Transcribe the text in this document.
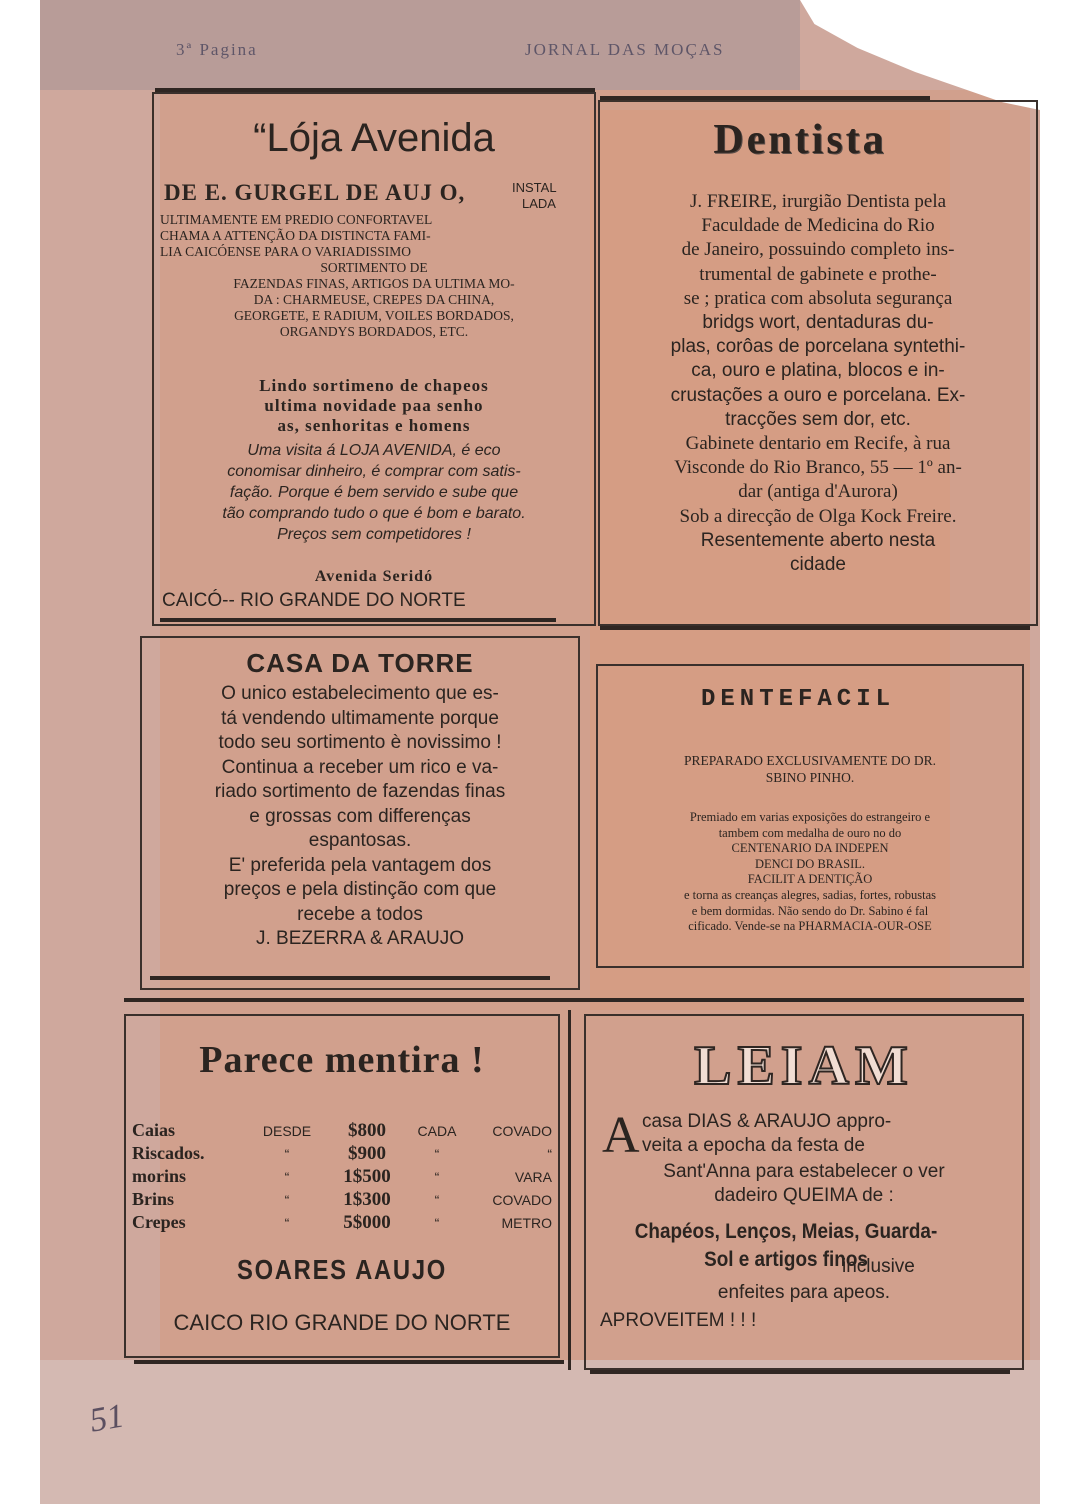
3ª Pagina	JORNAL DAS MOÇAS
“Lója Avenida
DE E. GURGEL DE AUJ O,	INSTAL
LADA
ULTIMAMENTE EM PREDIO CONFORTAVEL
CHAMA A ATTENÇÃO DA DISTINCTA FAMI-
LIA CAICÓENSE PARA O VARIADISSIMO
SORTIMENTO DE
FAZENDAS FINAS, ARTIGOS DA ULTIMA MO-
DA : CHARMEUSE, CREPES DA CHINA,
GEORGETE, E RADIUM, VOILES BORDADOS,
ORGANDYS BORDADOS, ETC.
Lindo sortimeno de chapeos
ultima novidade paa senho
as, senhoritas e homens
Uma visita á LOJA AVENIDA, é eco
conomisar dinheiro, é comprar com satis-
fação. Porque é bem servido e sube que
tão comprando tudo o que é bom e barato.
Preços sem competidores !
Avenida Seridó
CAICÓ-- RIO GRANDE DO NORTE
Dentista
J. FREIRE, irurgião Dentista pela
Faculdade de Medicina do Rio
de Janeiro, possuindo completo ins-
trumental de gabinete e prothe-
se ; pratica com absoluta segurança
bridgs wort, dentaduras du-
plas, corôas de porcelana syntethi-
ca, ouro e platina, blocos e in-
crustações a ouro e porcelana. Ex-
tracções sem dor, etc.
Gabinete dentario em Recife, à rua
Visconde do Rio Branco, 55 — 1º an-
dar (antiga d'Aurora)
Sob a direcção de Olga Kock Freire.
Resentemente aberto nesta
cidade
CASA DA TORRE
O unico estabelecimento que es-
tá vendendo ultimamente porque
todo seu sortimento è novissimo !
Continua a receber um rico e va-
riado sortimento de fazendas finas
e grossas com differenças
espantosas.
E' preferida pela vantagem dos
preços e pela distinção com que
recebe a todos
J. BEZERRA & ARAUJO
DENTEFACIL
PREPARADO EXCLUSIVAMENTE DO DR.
SBINO PINHO.
Premiado em varias exposições do estrangeiro e
tambem com medalha de ouro no do
CENTENARIO DA INDEPEN
DENCI DO BRASIL.
FACILIT A DENTIÇÃO
e torna as creanças alegres, sadias, fortes, robustas
e bem dormidas. Não sendo do Dr. Sabino é fal
cificado. Vende-se na PHARMACIA-OUR-OSE
Parece mentira !
SOARES AAUJO
CAICO RIO GRANDE DO NORTE
Caias	DESDE	$800	CADA	COVADO
Riscados.	“	$900	“	“
morins	“	1$500	“	VARA
Brins	“	1$300	“	COVADO
Crepes	“	5$000	“	METRO
LEIAM
A casa DIAS & ARAUJO appro-
veita a epocha da festa de
Sant'Anna para estabelecer o ver
dadeiro QUEIMA de :
Chapéos, Lenços, Meias, Guarda-
Sol e artigos finos
inclusive
enfeites para apeos.
APROVEITEM ! ! !
51
